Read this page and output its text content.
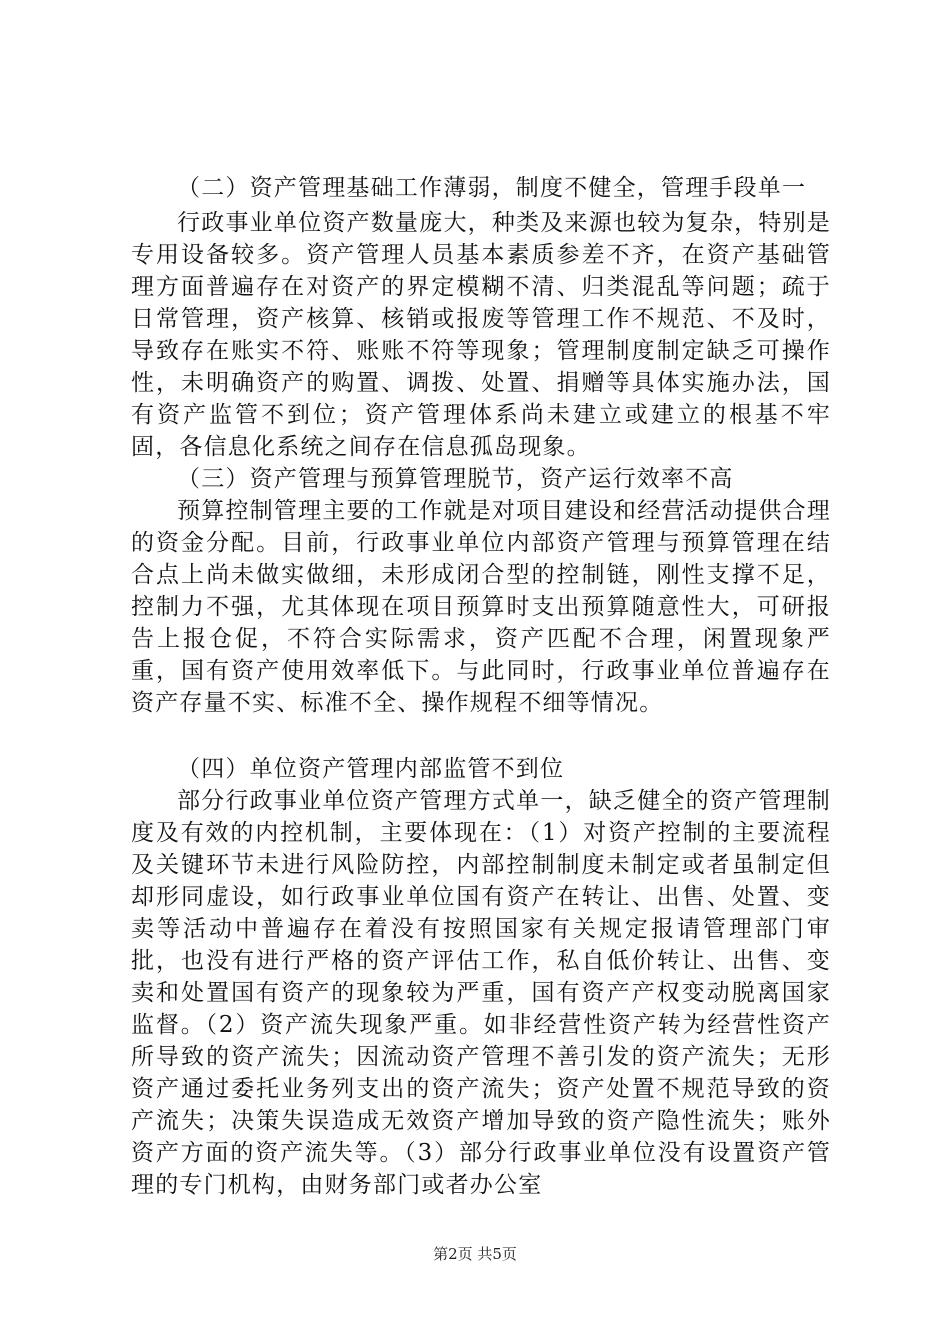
（二）资产管理基础工作薄弱，制度不健全，管理手段单一

行政事业单位资产数量庞大，种类及来源也较为复杂，特别是专用设备较多。资产管理人员基本素质参差不齐，在资产基础管理方面普遍存在对资产的界定模糊不清、归类混乱等问题；疏于日常管理，资产核算、核销或报废等管理工作不规范、不及时，导致存在账实不符、账账不符等现象；管理制度制定缺乏可操作性，未明确资产的购置、调拨、处置、捐赠等具体实施办法，国有资产监管不到位；资产管理体系尚未建立或建立的根基不牢固，各信息化系统之间存在信息孤岛现象。

（三）资产管理与预算管理脱节，资产运行效率不高

预算控制管理主要的工作就是对项目建设和经营活动提供合理的资金分配。目前，行政事业单位内部资产管理与预算管理在结合点上尚未做实做细，未形成闭合型的控制链，刚性支撑不足，控制力不强，尤其体现在项目预算时支出预算随意性大，可研报告上报仓促，不符合实际需求，资产匹配不合理，闲置现象严重，国有资产使用效率低下。与此同时，行政事业单位普遍存在资产存量不实、标准不全、操作规程不细等情况。

（四）单位资产管理内部监管不到位

部分行政事业单位资产管理方式单一，缺乏健全的资产管理制度及有效的内控机制，主要体现在：（1）对资产控制的主要流程及关键环节未进行风险防控，内部控制制度未制定或者虽制定但却形同虚设，如行政事业单位国有资产在转让、出售、处置、变卖等活动中普遍存在着没有按照国家有关规定报请管理部门审批，也没有进行严格的资产评估工作，私自低价转让、出售、变卖和处置国有资产的现象较为严重，国有资产产权变动脱离国家监督。（2）资产流失现象严重。如非经营性资产转为经营性资产所导致的资产流失；因流动资产管理不善引发的资产流失；无形资产通过委托业务列支出的资产流失；资产处置不规范导致的资产流失；决策失误造成无效资产增加导致的资产隐性流失；账外资产方面的资产流失等。（3）部分行政事业单位没有设置资产管理的专门机构，由财务部门或者办公室

第2页 共5页
